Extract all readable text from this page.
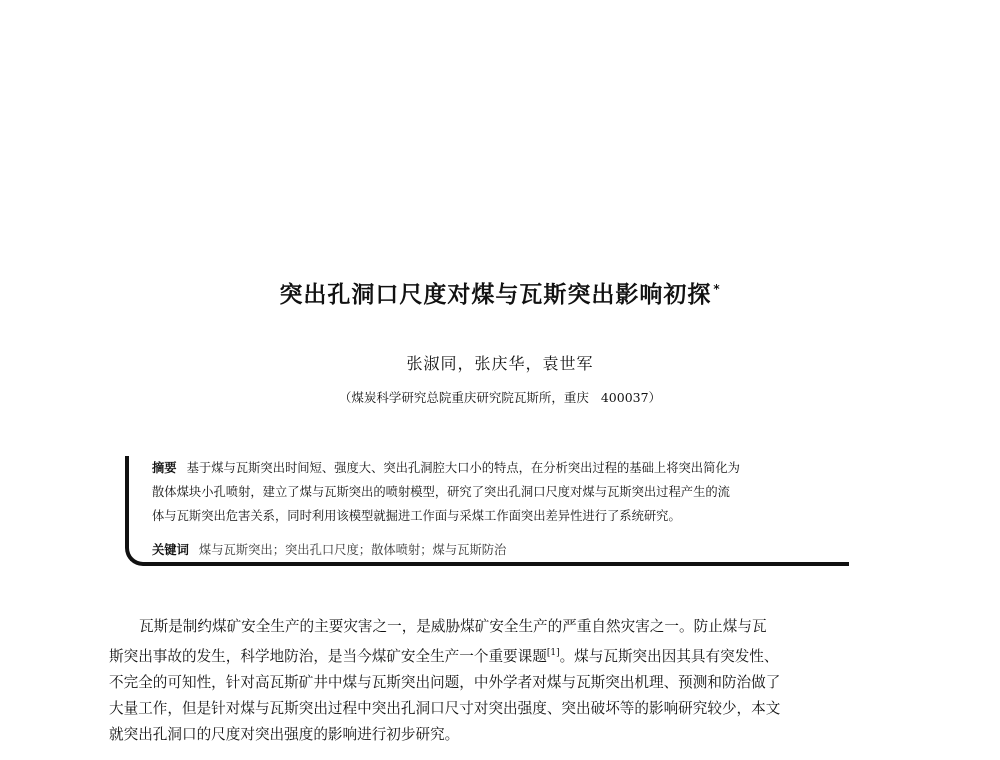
突出孔洞口尺度对煤与瓦斯突出影响初探 *
张淑同，张庆华，袁世军
（煤炭科学研究总院重庆研究院瓦斯所，重庆   400037）
摘要 基于煤与瓦斯突出时间短、强度大、突出孔洞腔大口小的特点，在分析突出过程的基础上将突出简化为
散体煤块小孔喷射，建立了煤与瓦斯突出的喷射模型，研究了突出孔洞口尺度对煤与瓦斯突出过程产生的流
体与瓦斯突出危害关系，同时利用该模型就掘进工作面与采煤工作面突出差异性进行了系统研究。
关键词 煤与瓦斯突出；突出孔口尺度；散体喷射；煤与瓦斯防治
瓦斯是制约煤矿安全生产的主要灾害之一，是威胁煤矿安全生产的严重自然灾害之一。防止煤与瓦
斯突出事故的发生，科学地防治，是当今煤矿安全生产一个重要课题[1]。煤与瓦斯突出因其具有突发性、
不完全的可知性，针对高瓦斯矿井中煤与瓦斯突出问题，中外学者对煤与瓦斯突出机理、预测和防治做了
大量工作，但是针对煤与瓦斯突出过程中突出孔洞口尺寸对突出强度、突出破坏等的影响研究较少，本文
就突出孔洞口的尺度对突出强度的影响进行初步研究。
